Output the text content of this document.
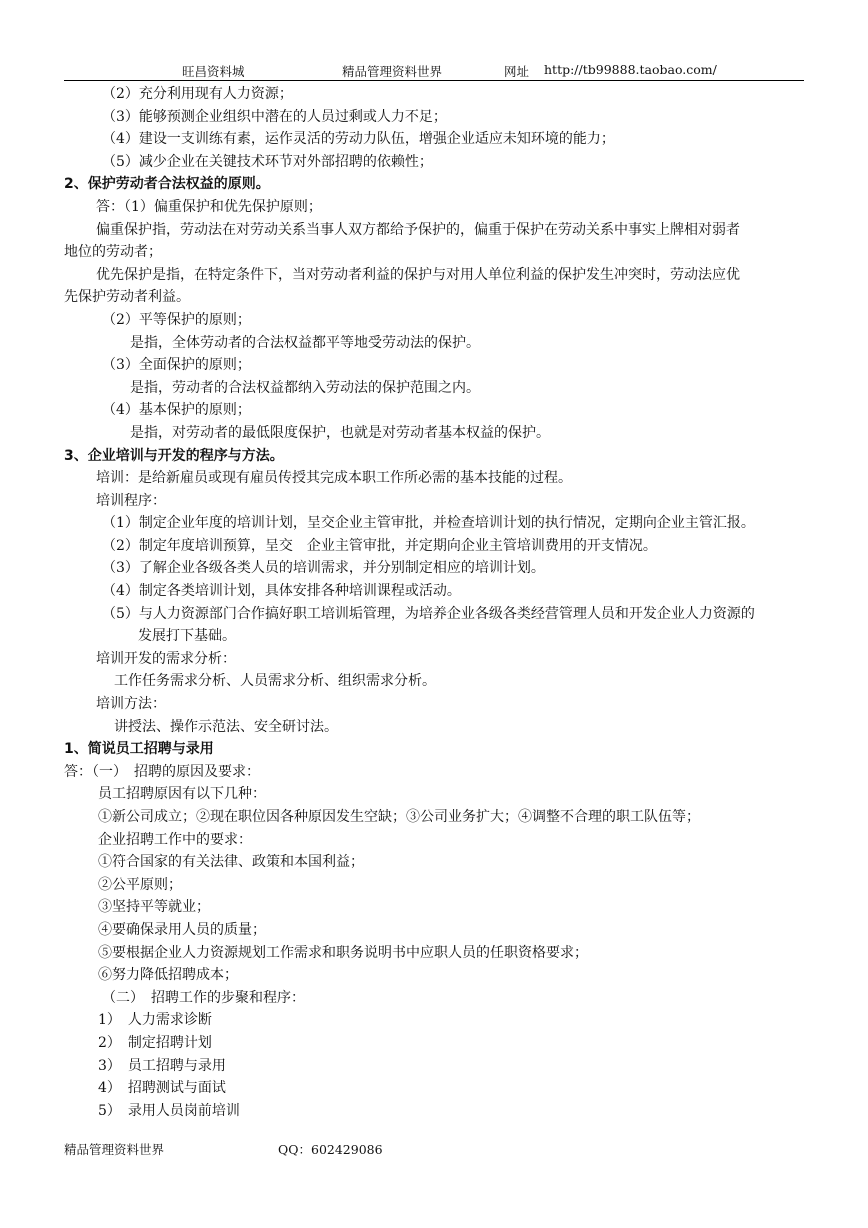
旺昌资料城	精品管理资料世界	网址 http://tb99888.taobao.com/
（2）充分利用现有人力资源；
（3）能够预测企业组织中潜在的人员过剩或人力不足；
（4）建设一支训练有素，运作灵活的劳动力队伍，增强企业适应未知环境的能力；
（5）减少企业在关键技术环节对外部招聘的依赖性；
2、保护劳动者合法权益的原则。
答：（1）偏重保护和优先保护原则；
偏重保护指，劳动法在对劳动关系当事人双方都给予保护的，偏重于保护在劳动关系中事实上牌相对弱者
地位的劳动者；
优先保护是指，在特定条件下，当对劳动者利益的保护与对用人单位利益的保护发生冲突时，劳动法应优
先保护劳动者利益。
（2）平等保护的原则；
是指，全体劳动者的合法权益都平等地受劳动法的保护。
（3）全面保护的原则；
是指，劳动者的合法权益都纳入劳动法的保护范围之内。
（4）基本保护的原则；
是指，对劳动者的最低限度保护，也就是对劳动者基本权益的保护。
3、企业培训与开发的程序与方法。
培训：是给新雇员或现有雇员传授其完成本职工作所必需的基本技能的过程。
培训程序：
（1）制定企业年度的培训计划，呈交企业主管审批，并检查培训计划的执行情况，定期向企业主管汇报。
（2）制定年度培训预算，呈交　企业主管审批，并定期向企业主管培训费用的开支情况。
（3）了解企业各级各类人员的培训需求，并分别制定相应的培训计划。
（4）制定各类培训计划，具体安排各种培训课程或活动。
（5）与人力资源部门合作搞好职工培训垢管理，为培养企业各级各类经营管理人员和开发企业人力资源的
发展打下基础。
培训开发的需求分析：
工作任务需求分析、人员需求分析、组织需求分析。
培训方法：
讲授法、操作示范法、安全研讨法。
1、简说员工招聘与录用
答：（一）　招聘的原因及要求：
员工招聘原因有以下几种：
①新公司成立；②现在职位因各种原因发生空缺；③公司业务扩大；④调整不合理的职工队伍等；
企业招聘工作中的要求：
①符合国家的有关法律、政策和本国利益；
②公平原则；
③坚持平等就业；
④要确保录用人员的质量；
⑤要根据企业人力资源规划工作需求和职务说明书中应职人员的任职资格要求；
⑥努力降低招聘成本；
（二）　招聘工作的步聚和程序：
1）　人力需求诊断
2）　制定招聘计划
3）　员工招聘与录用
4）　招聘测试与面试
5）　录用人员岗前培训
精品管理资料世界	QQ：602429086
